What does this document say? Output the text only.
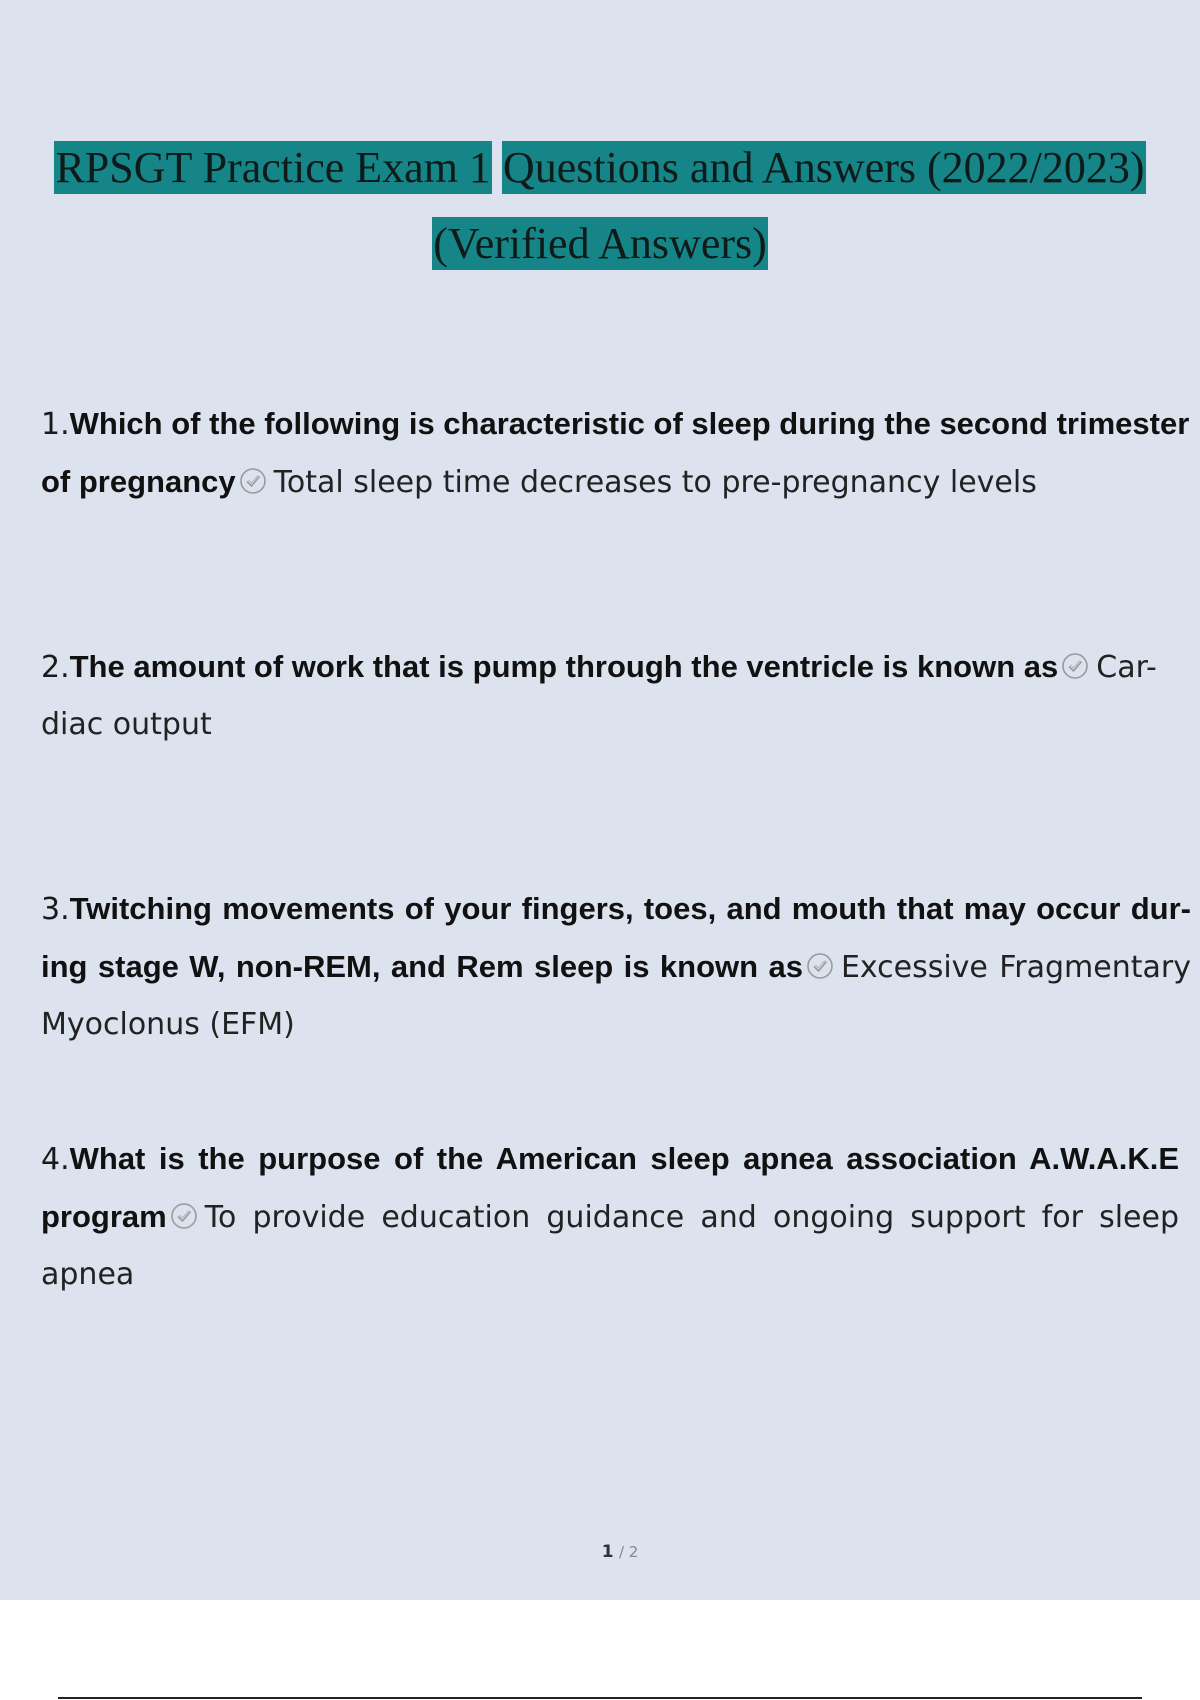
RPSGT Practice Exam 1 Questions and Answers (2022/2023)
(Verified Answers)
1.Which of the following is characteristic of sleep during the second trimester of pregnancy Total sleep time decreases to pre-pregnancy levels
2.The amount of work that is pump through the ventricle is known as Car- diac output
3.Twitching movements of your fingers, toes, and mouth that may occur dur- ing stage W, non-REM, and Rem sleep is known as Excessive Fragmentary Myoclonus (EFM)
4.What is the purpose of the American sleep apnea association A.W.A.K.E program To provide education guidance and ongoing support for sleep apnea
1 / 2
